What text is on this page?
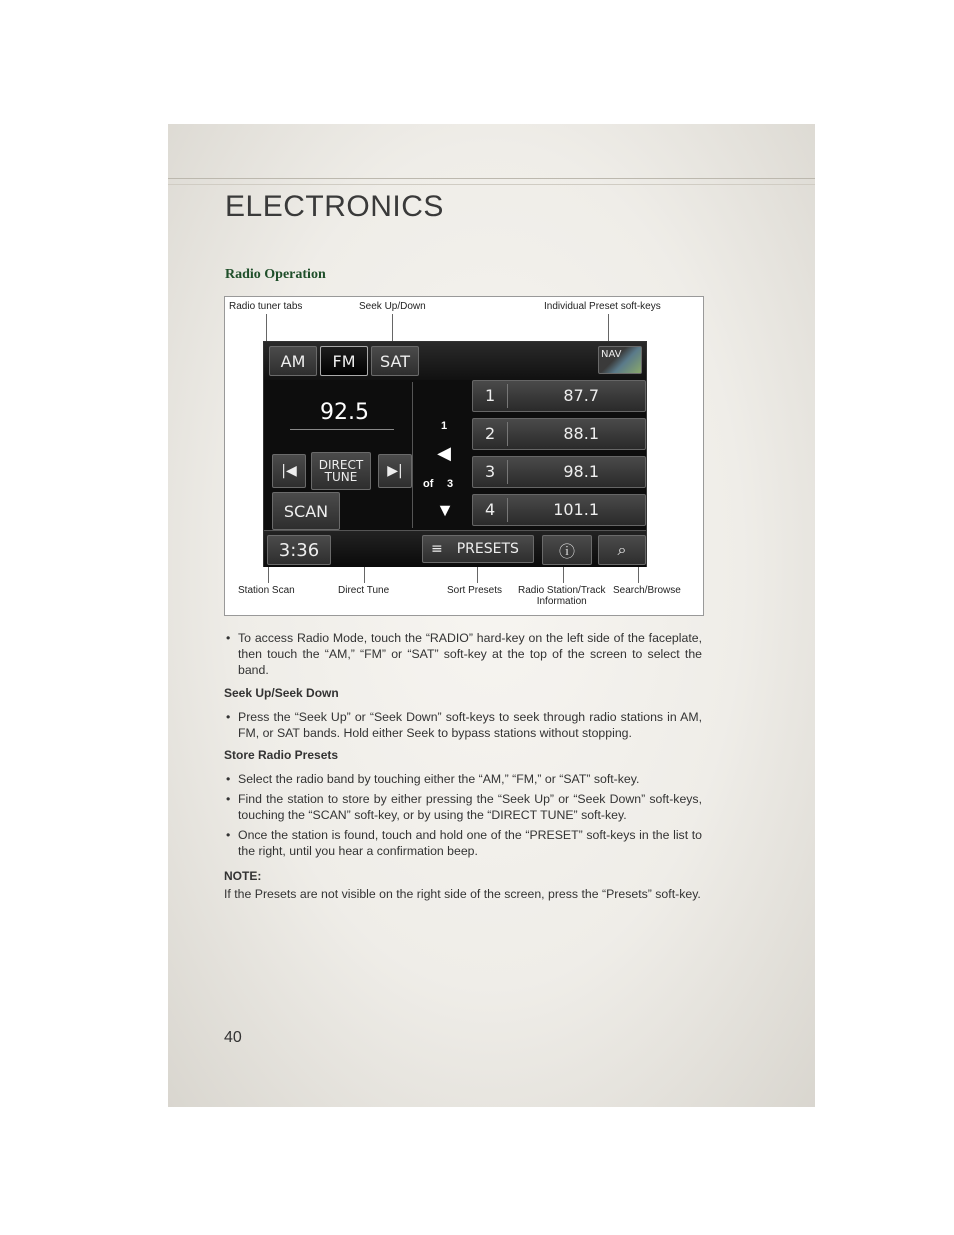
ELECTRONICS
Radio Operation
Radio tuner tabs	Seek Up/Down	Individual Preset soft-keys
AM	FM	SAT	NAV
92.5
|◀	DIRECT
TUNE	▶|
SCAN
1
◀
of 3
▼
1	87.7
2	88.1
3	98.1
4	101.1
3:36	≡ PRESETS	ⓘ	⌕
Station Scan	Direct Tune	Sort Presets Radio Station/Track
Information
Search/Browse
• To access Radio Mode, touch the “RADIO” hard-key on the left side of the faceplate, then touch the “AM,” “FM” or “SAT” soft-key at the top of the screen to select the band.
Seek Up/Seek Down
• Press the “Seek Up” or “Seek Down” soft-keys to seek through radio stations in AM, FM, or SAT bands. Hold either Seek to bypass stations without stopping.
Store Radio Presets
• Select the radio band by touching either the “AM,” “FM,” or “SAT” soft-key.
• Find the station to store by either pressing the “Seek Up” or “Seek Down” soft-keys, touching the “SCAN” soft-key, or by using the “DIRECT TUNE” soft-key.
• Once the station is found, touch and hold one of the “PRESET” soft-keys in the list to the right, until you hear a confirmation beep.
NOTE:
If the Presets are not visible on the right side of the screen, press the “Presets” soft-key.
40
